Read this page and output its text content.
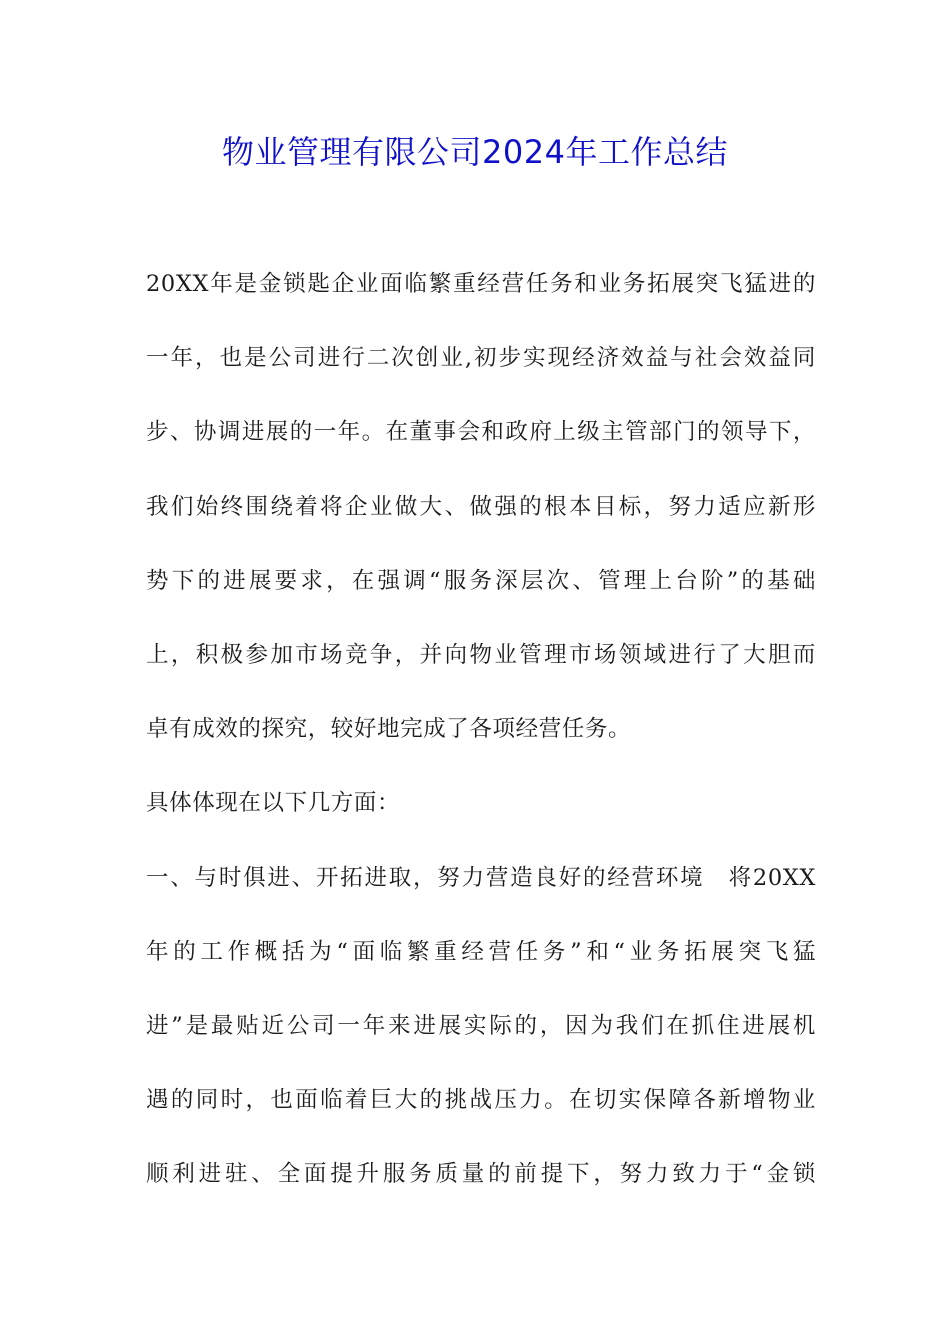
物业管理有限公司2024年工作总结
20XX年是金锁匙企业面临繁重经营任务和业务拓展突飞猛进的
一年，也是公司进行二次创业,初步实现经济效益与社会效益同
步、协调进展的一年。在董事会和政府上级主管部门的领导下，
我们始终围绕着将企业做大、做强的根本目标，努力适应新形
势下的进展要求，在强调“服务深层次、管理上台阶”的基础
上，积极参加市场竞争，并向物业管理市场领域进行了大胆而
卓有成效的探究，较好地完成了各项经营任务。
具体体现在以下几方面：
一、与时俱进、开拓进取，努力营造良好的经营环境　将20XX
年的工作概括为“面临繁重经营任务”和“业务拓展突飞猛
进”是最贴近公司一年来进展实际的，因为我们在抓住进展机
遇的同时，也面临着巨大的挑战压力。在切实保障各新增物业
顺利进驻、全面提升服务质量的前提下，努力致力于“金锁
